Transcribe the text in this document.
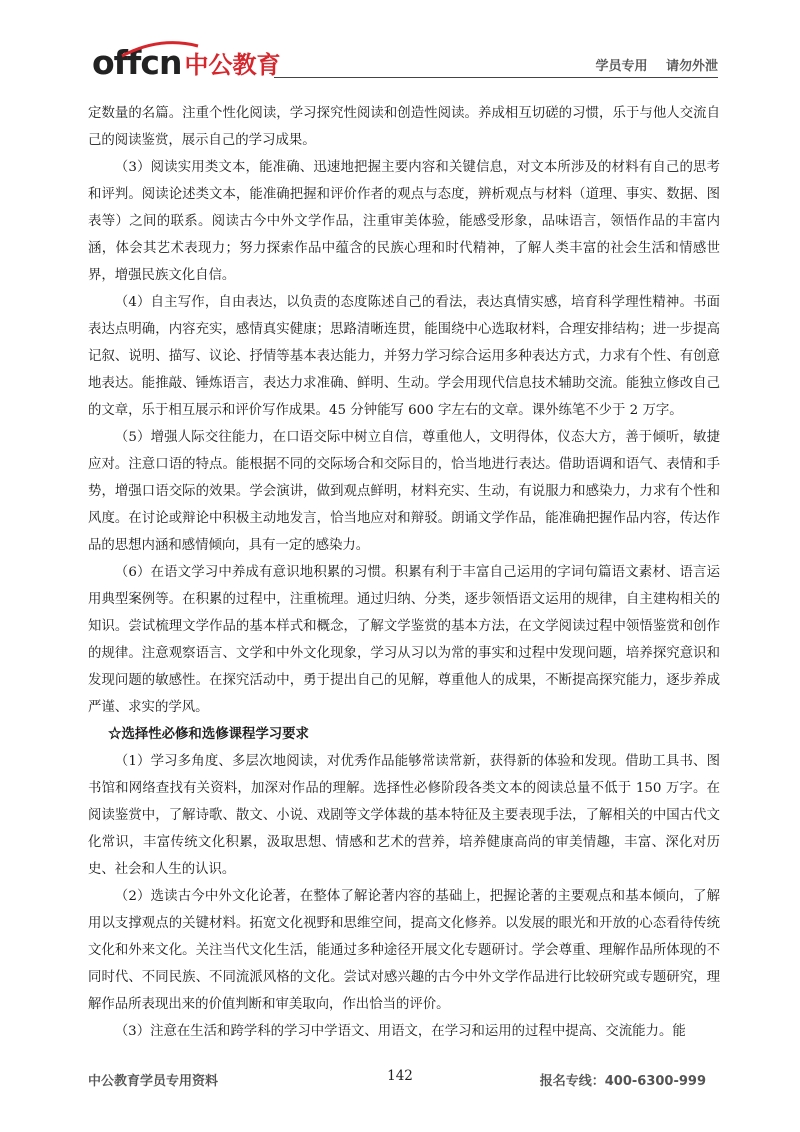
offcn 中公教育	学员专用 请勿外泄

定数量的名篇。注重个性化阅读，学习探究性阅读和创造性阅读。养成相互切磋的习惯，乐于与他人交流自己的阅读鉴赏，展示自己的学习成果。

（3）阅读实用类文本，能准确、迅速地把握主要内容和关键信息，对文本所涉及的材料有自己的思考和评判。阅读论述类文本，能准确把握和评价作者的观点与态度，辨析观点与材料（道理、事实、数据、图表等）之间的联系。阅读古今中外文学作品，注重审美体验，能感受形象，品味语言，领悟作品的丰富内涵，体会其艺术表现力；努力探索作品中蕴含的民族心理和时代精神，了解人类丰富的社会生活和情感世界，增强民族文化自信。

（4）自主写作，自由表达，以负责的态度陈述自己的看法，表达真情实感，培育科学理性精神。书面表达点明确，内容充实，感情真实健康；思路清晰连贯，能围绕中心选取材料，合理安排结构；进一步提高记叙、说明、描写、议论、抒情等基本表达能力，并努力学习综合运用多种表达方式，力求有个性、有创意地表达。能推敲、锤炼语言，表达力求准确、鲜明、生动。学会用现代信息技术辅助交流。能独立修改自己的文章，乐于相互展示和评价写作成果。45 分钟能写 600 字左右的文章。课外练笔不少于 2 万字。

（5）增强人际交往能力，在口语交际中树立自信，尊重他人，文明得体，仪态大方，善于倾听，敏捷应对。注意口语的特点。能根据不同的交际场合和交际目的，恰当地进行表达。借助语调和语气、表情和手势，增强口语交际的效果。学会演讲，做到观点鲜明，材料充实、生动，有说服力和感染力，力求有个性和风度。在讨论或辩论中积极主动地发言，恰当地应对和辩驳。朗诵文学作品，能准确把握作品内容，传达作品的思想内涵和感情倾向，具有一定的感染力。

（6）在语文学习中养成有意识地积累的习惯。积累有利于丰富自己运用的字词句篇语文素材、语言运用典型案例等。在积累的过程中，注重梳理。通过归纳、分类，逐步领悟语文运用的规律，自主建构相关的知识。尝试梳理文学作品的基本样式和概念，了解文学鉴赏的基本方法，在文学阅读过程中领悟鉴赏和创作的规律。注意观察语言、文学和中外文化现象，学习从习以为常的事实和过程中发现问题，培养探究意识和发现问题的敏感性。在探究活动中，勇于提出自己的见解，尊重他人的成果，不断提高探究能力，逐步养成严谨、求实的学风。

☆选择性必修和选修课程学习要求

（1）学习多角度、多层次地阅读，对优秀作品能够常读常新，获得新的体验和发现。借助工具书、图书馆和网络查找有关资料，加深对作品的理解。选择性必修阶段各类文本的阅读总量不低于 150 万字。在阅读鉴赏中，了解诗歌、散文、小说、戏剧等文学体裁的基本特征及主要表现手法，了解相关的中国古代文化常识，丰富传统文化积累，汲取思想、情感和艺术的营养，培养健康高尚的审美情趣，丰富、深化对历史、社会和人生的认识。

（2）选读古今中外文化论著，在整体了解论著内容的基础上，把握论著的主要观点和基本倾向，了解用以支撑观点的关键材料。拓宽文化视野和思维空间，提高文化修养。以发展的眼光和开放的心态看待传统文化和外来文化。关注当代文化生活，能通过多种途径开展文化专题研讨。学会尊重、理解作品所体现的不同时代、不同民族、不同流派风格的文化。尝试对感兴趣的古今中外文学作品进行比较研究或专题研究，理解作品所表现出来的价值判断和审美取向，作出恰当的评价。

（3）注意在生活和跨学科的学习中学语文、用语文，在学习和运用的过程中提高、交流能力。能

中公教育学员专用资料	142	报名专线：400-6300-999
